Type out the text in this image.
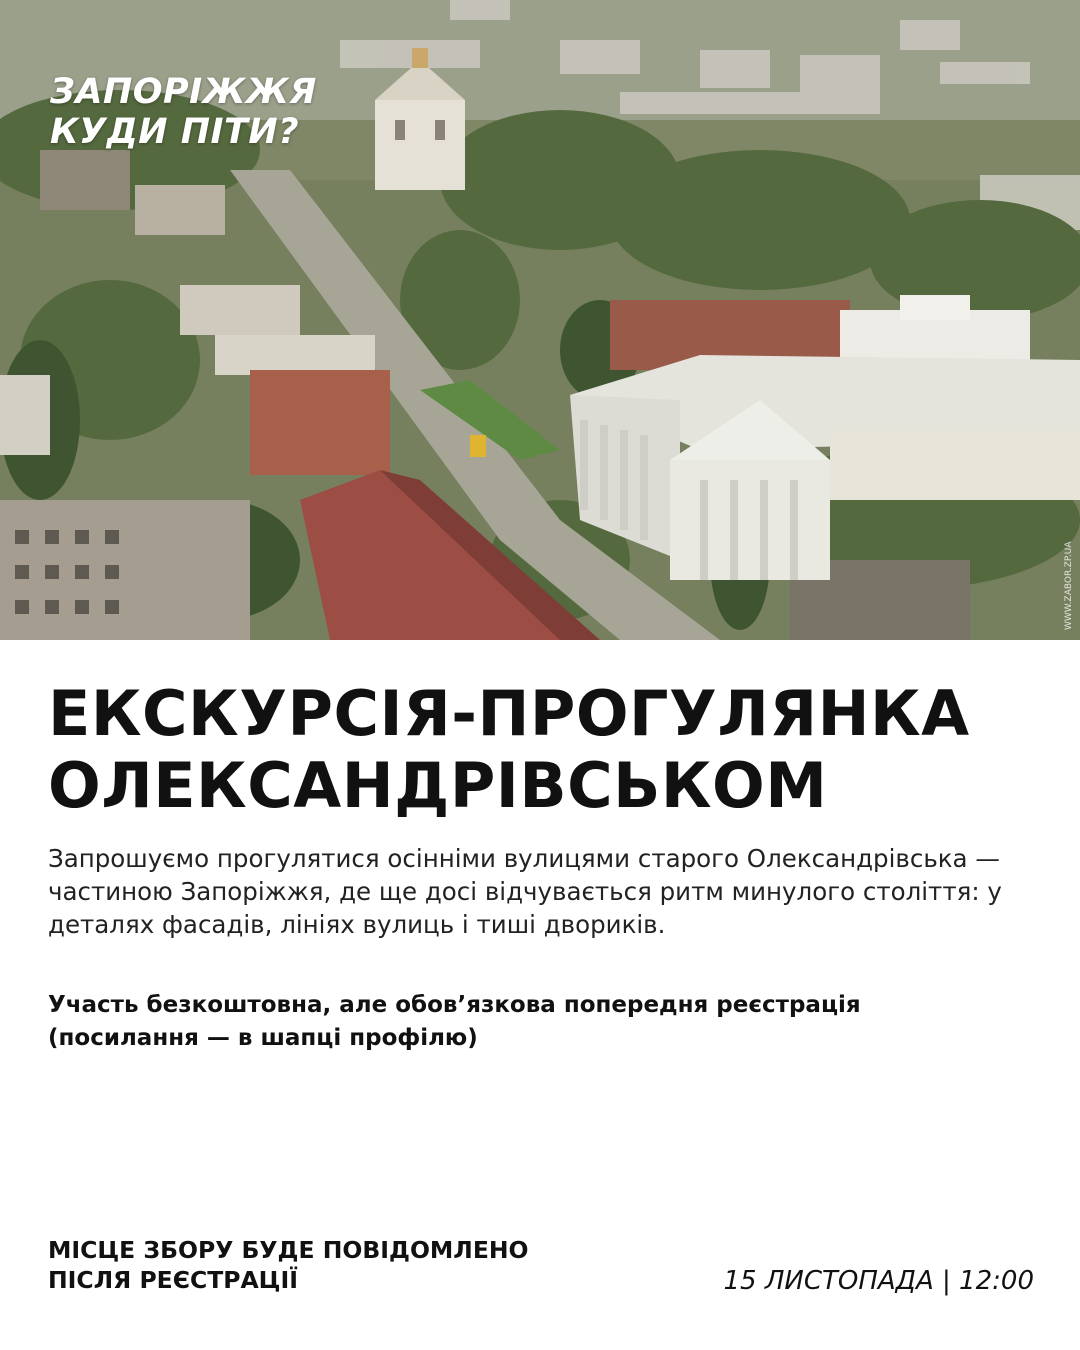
ЗАПОРІЖЖЯ
КУДИ ПІТИ?
WWW.ZABOR.ZP.UA
ЕКСКУРСІЯ-ПРОГУЛЯНКА
ОЛЕКСАНДРІВСЬКОМ

Запрошуємо прогулятися осінніми вулицями старого Олександрівська — частиною Запоріжжя, де ще досі відчувається ритм минулого століття: у деталях фасадів, лініях вулиць і тиші двориків.

Участь безкоштовна, але обов’язкова попередня реєстрація (посилання — в шапці профілю)

МІСЦЕ ЗБОРУ БУДЕ ПОВІДОМЛЕНО
ПІСЛЯ РЕЄСТРАЦІЇ	15 ЛИСТОПАДА | 12:00
